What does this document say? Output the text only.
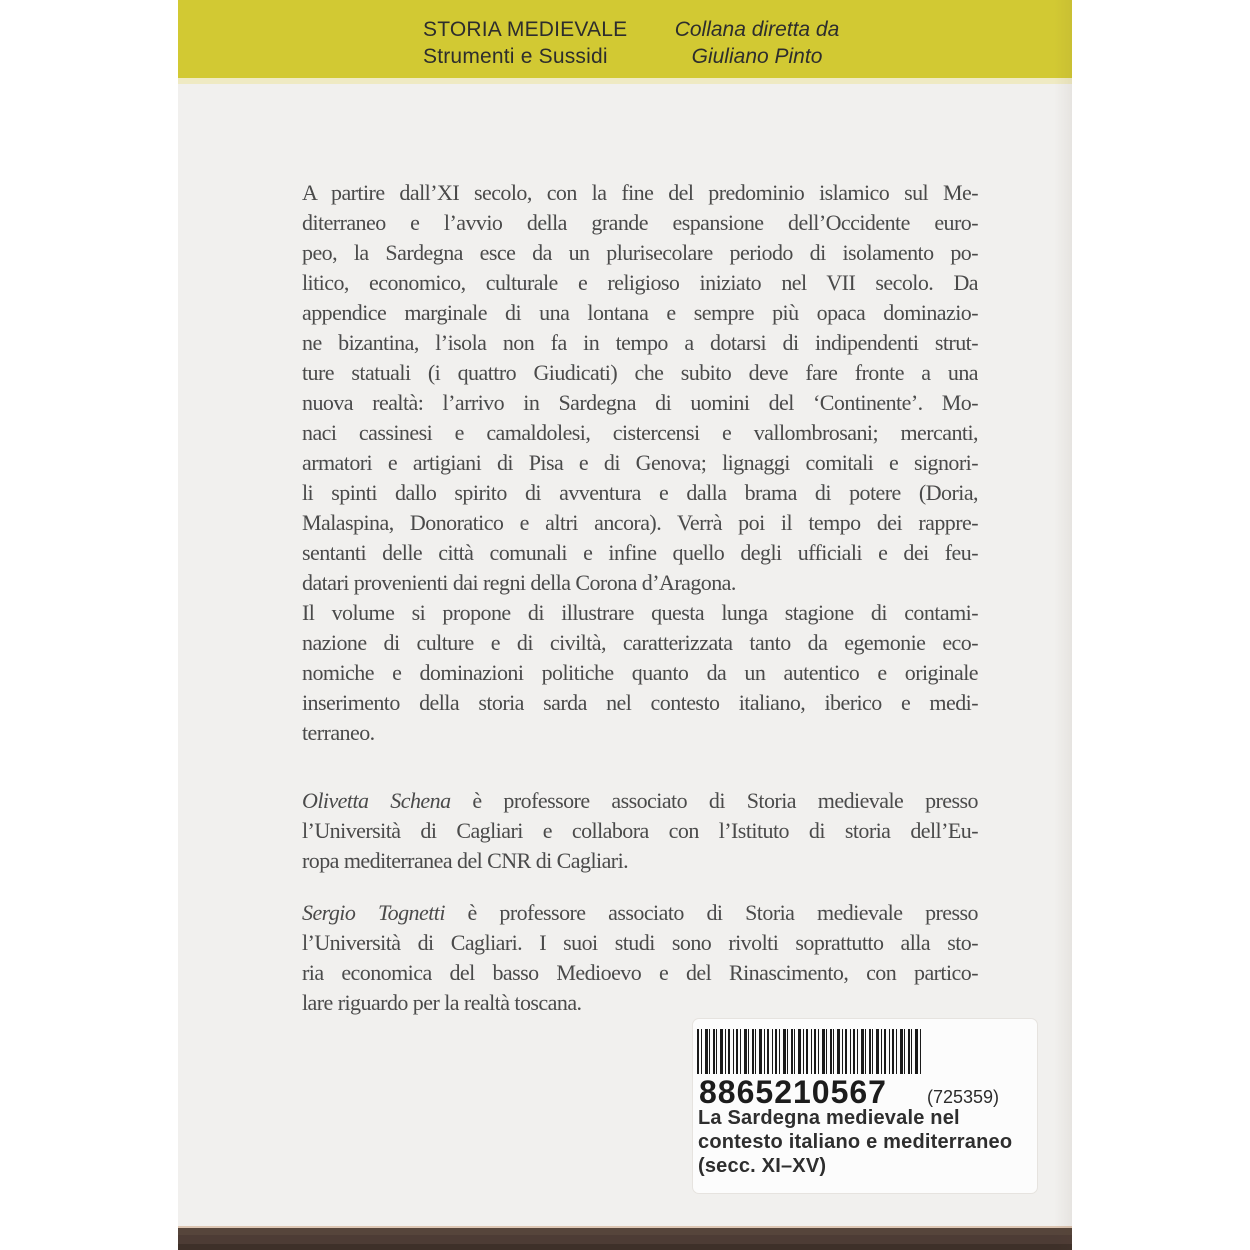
STORIA MEDIEVALE
Strumenti e Sussidi
Collana diretta da
Giuliano Pinto
A partire dall’XI secolo, con la fine del predominio islamico sul Me-
diterraneo e l’avvio della grande espansione dell’Occidente euro-
peo, la Sardegna esce da un plurisecolare periodo di isolamento po-
litico, economico, culturale e religioso iniziato nel VII secolo. Da
appendice marginale di una lontana e sempre più opaca dominazio-
ne bizantina, l’isola non fa in tempo a dotarsi di indipendenti strut-
ture statuali (i quattro Giudicati) che subito deve fare fronte a una
nuova realtà: l’arrivo in Sardegna di uomini del ‘Continente’. Mo-
naci cassinesi e camaldolesi, cistercensi e vallombrosani; mercanti,
armatori e artigiani di Pisa e di Genova; lignaggi comitali e signori-
li spinti dallo spirito di avventura e dalla brama di potere (Doria,
Malaspina, Donoratico e altri ancora). Verrà poi il tempo dei rappre-
sentanti delle città comunali e infine quello degli ufficiali e dei feu-
datari provenienti dai regni della Corona d’Aragona.
Il volume si propone di illustrare questa lunga stagione di contami-
nazione di culture e di civiltà, caratterizzata tanto da egemonie eco-
nomiche e dominazioni politiche quanto da un autentico e originale
inserimento della storia sarda nel contesto italiano, iberico e medi-
terraneo.
Olivetta Schena è professore associato di Storia medievale presso
l’Università di Cagliari e collabora con l’Istituto di storia dell’Eu-
ropa mediterranea del CNR di Cagliari.
Sergio Tognetti è professore associato di Storia medievale presso
l’Università di Cagliari. I suoi studi sono rivolti soprattutto alla sto-
ria economica del basso Medioevo e del Rinascimento, con partico-
lare riguardo per la realtà toscana.
8865210567 (725359)
La Sardegna medievale nel
contesto italiano e mediterraneo
(secc. XI–XV)
